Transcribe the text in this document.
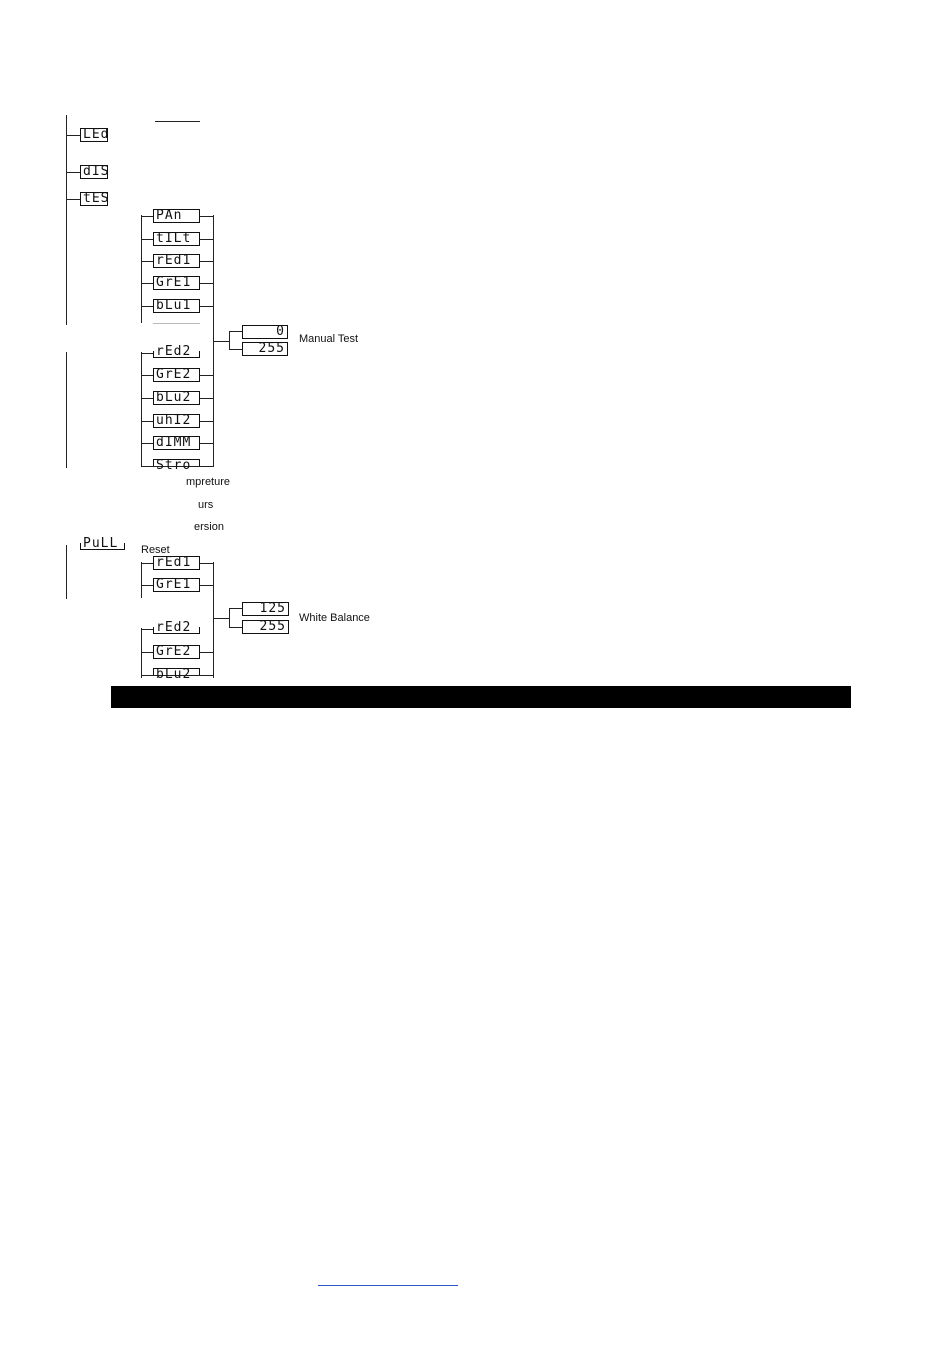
LEd
dIS
tES
PAn
tILt
rEd1
GrE1
bLu1
0
255
Manual Test
rEd2
GrE2
bLu2
uhI2
dIMM
Stro
mpreture
urs
ersion
PuLL	Reset
rEd1
GrE1
rEd2
GrE2
bLu2
125
255
White Balance
